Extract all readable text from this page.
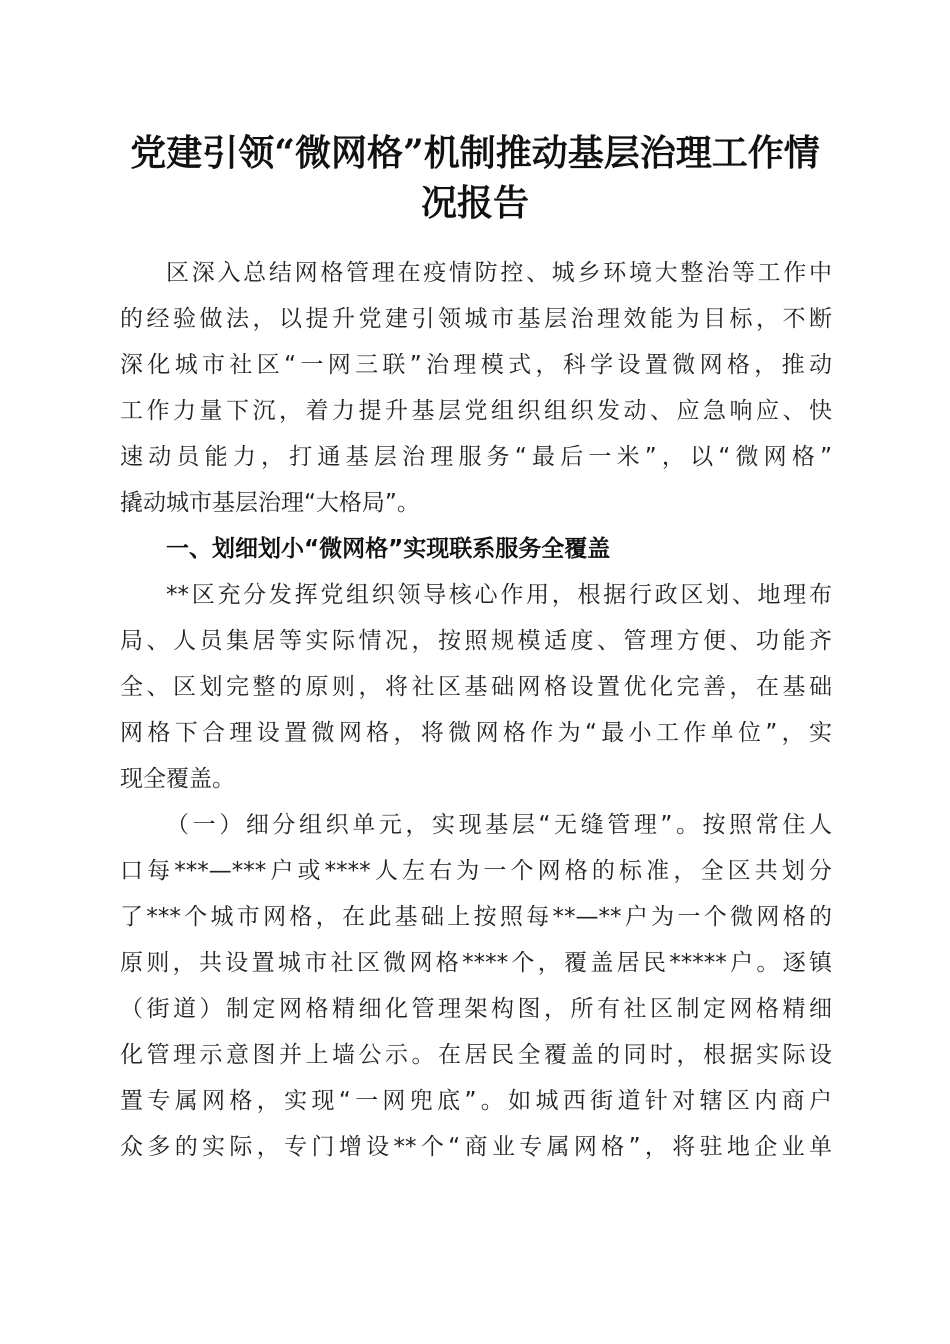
党建引领“微网格”机制推动基层治理工作情
况报告
区深入总结网格管理在疫情防控、城乡环境大整治等工作中
的经验做法，以提升党建引领城市基层治理效能为目标，不断
深化城市社区“一网三联”治理模式，科学设置微网格，推动
工作力量下沉，着力提升基层党组织组织发动、应急响应、快
速动员能力，打通基层治理服务“最后一米”，以“微网格”
撬动城市基层治理“大格局”。
一、划细划小“微网格”实现联系服务全覆盖
**区充分发挥党组织领导核心作用，根据行政区划、地理布
局、人员集居等实际情况，按照规模适度、管理方便、功能齐
全、区划完整的原则，将社区基础网格设置优化完善，在基础
网格下合理设置微网格，将微网格作为“最小工作单位”，实
现全覆盖。
（一）细分组织单元，实现基层“无缝管理”。按照常住人
口每***—***户或****人左右为一个网格的标准，全区共划分
了***个城市网格，在此基础上按照每**—**户为一个微网格的
原则，共设置城市社区微网格****个，覆盖居民*****户。逐镇
（街道）制定网格精细化管理架构图，所有社区制定网格精细
化管理示意图并上墙公示。在居民全覆盖的同时，根据实际设
置专属网格，实现“一网兜底”。如城西街道针对辖区内商户
众多的实际，专门增设**个“商业专属网格”，将驻地企业单
